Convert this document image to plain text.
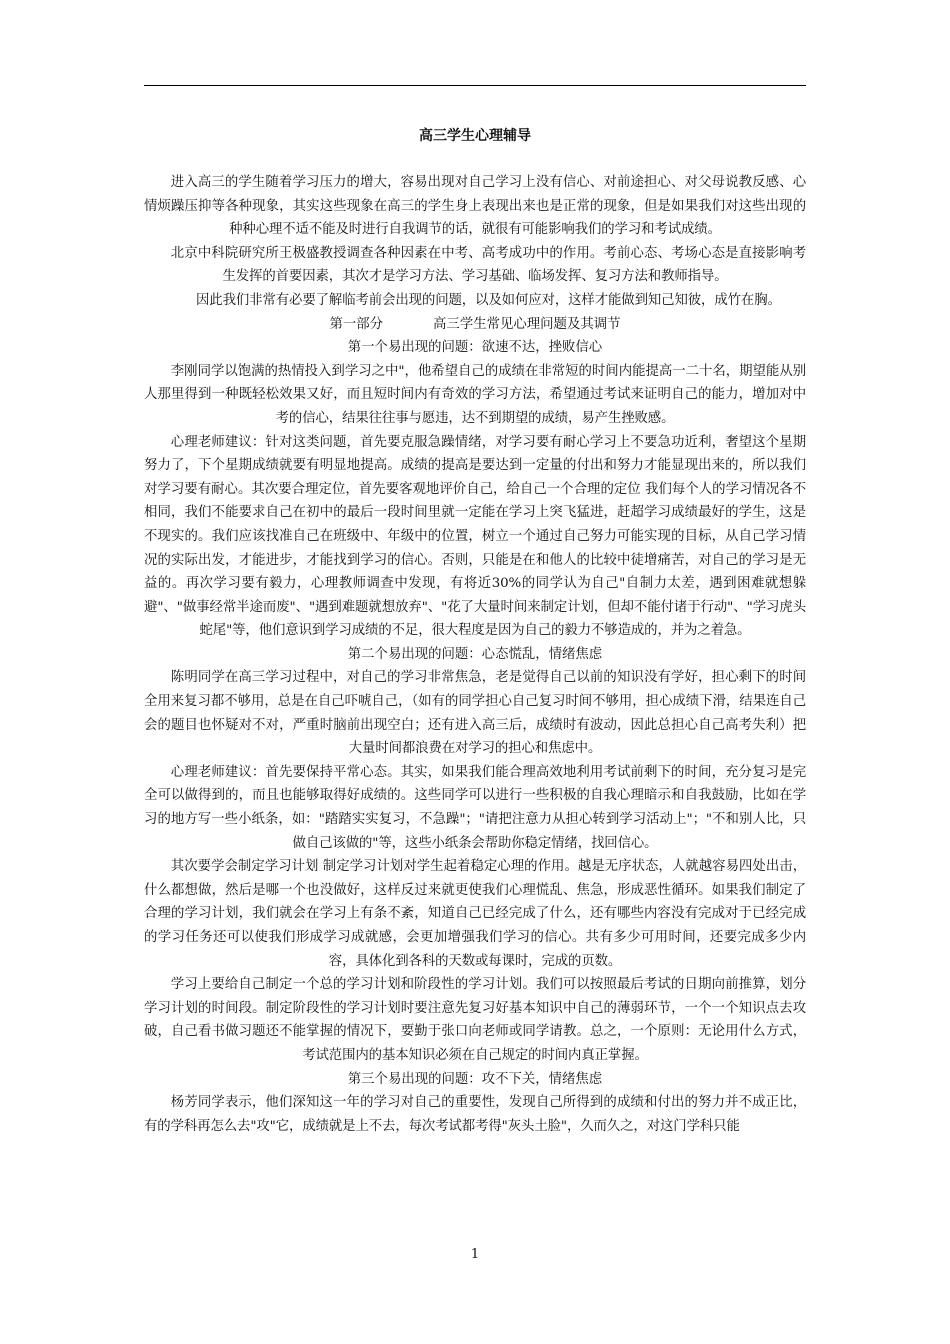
高三学生心理辅导

进入高三的学生随着学习压力的增大，容易出现对自己学习上没有信心、对前途担心、对父母说教反感、心情烦躁压抑等各种现象，其实这些现象在高三的学生身上表现出来也是正常的现象，但是如果我们对这些出现的种种心理不适不能及时进行自我调节的话，就很有可能影响我们的学习和考试成绩。

北京中科院研究所王极盛教授调查各种因素在中考、高考成功中的作用。考前心态、考场心态是直接影响考生发挥的首要因素，其次才是学习方法、学习基础、临场发挥、复习方法和教师指导。

因此我们非常有必要了解临考前会出现的问题，以及如何应对，这样才能做到知己知彼，成竹在胸。

第一部分	高三学生常见心理问题及其调节
第一个易出现的问题：欲速不达，挫败信心

李刚同学以饱满的热情投入到学习之中"，他希望自己的成绩在非常短的时间内能提高一二十名，期望能从别人那里得到一种既轻松效果又好，而且短时间内有奇效的学习方法，希望通过考试来证明自己的能力，增加对中考的信心，结果往往事与愿违，达不到期望的成绩，易产生挫败感。

心理老师建议：针对这类问题，首先要克服急躁情绪，对学习要有耐心学习上不要急功近利，奢望这个星期努力了，下个星期成绩就要有明显地提高。成绩的提高是要达到一定量的付出和努力才能显现出来的，所以我们对学习要有耐心。其次要合理定位，首先要客观地评价自己，给自己一个合理的定位 我们每个人的学习情况各不相同，我们不能要求自己在初中的最后一段时间里就一定能在学习上突飞猛进，赶超学习成绩最好的学生，这是不现实的。我们应该找准自己在班级中、年级中的位置，树立一个通过自己努力可能实现的目标，从自己学习情况的实际出发，才能进步，才能找到学习的信心。否则，只能是在和他人的比较中徒增痛苦，对自己的学习是无益的。再次学习要有毅力，心理教师调查中发现，有将近30%的同学认为自己"自制力太差，遇到困难就想躲避"、"做事经常半途而废"、"遇到难题就想放弃"、"花了大量时间来制定计划，但却不能付诸于行动"、"学习虎头蛇尾"等，他们意识到学习成绩的不足，很大程度是因为自己的毅力不够造成的，并为之着急。

第二个易出现的问题：心态慌乱，情绪焦虑

陈明同学在高三学习过程中，对自己的学习非常焦急，老是觉得自己以前的知识没有学好，担心剩下的时间全用来复习都不够用，总是在自己吓唬自己，（如有的同学担心自己复习时间不够用，担心成绩下滑，结果连自己会的题目也怀疑对不对，严重时脑前出现空白；还有进入高三后，成绩时有波动，因此总担心自己高考失利）把大量时间都浪费在对学习的担心和焦虑中。

心理老师建议：首先要保持平常心态。其实，如果我们能合理高效地利用考试前剩下的时间，充分复习是完全可以做得到的，而且也能够取得好成绩的。这些同学可以进行一些积极的自我心理暗示和自我鼓励，比如在学习的地方写一些小纸条，如："踏踏实实复习，不急躁"；"请把注意力从担心转到学习活动上"；"不和别人比，只做自己该做的"等，这些小纸条会帮助你稳定情绪，找回信心。

其次要学会制定学习计划 制定学习计划对学生起着稳定心理的作用。越是无序状态，人就越容易四处出击，什么都想做，然后是哪一个也没做好，这样反过来就更使我们心理慌乱、焦急，形成恶性循环。如果我们制定了合理的学习计划，我们就会在学习上有条不紊，知道自己已经完成了什么，还有哪些内容没有完成对于已经完成的学习任务还可以使我们形成学习成就感，会更加增强我们学习的信心。共有多少可用时间，还要完成多少内容，具体化到各科的天数或每课时，完成的页数。

学习上要给自己制定一个总的学习计划和阶段性的学习计划。我们可以按照最后考试的日期向前推算，划分学习计划的时间段。制定阶段性的学习计划时要注意先复习好基本知识中自己的薄弱环节，一个一个知识点去攻破，自己看书做习题还不能掌握的情况下，要勤于张口向老师或同学请教。总之，一个原则：无论用什么方式，考试范围内的基本知识必须在自己规定的时间内真正掌握。

第三个易出现的问题：攻不下关，情绪焦虑

杨芳同学表示，他们深知这一年的学习对自己的重要性，发现自己所得到的成绩和付出的努力并不成正比，有的学科再怎么去"攻"它，成绩就是上不去，每次考试都考得"灰头土脸"，久而久之，对这门学科只能

1
